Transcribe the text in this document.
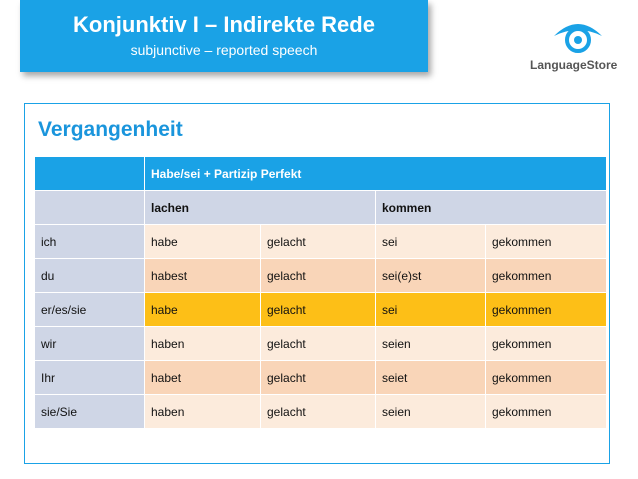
Konjunktiv I – Indirekte Rede
subjunctive – reported speech
LanguageStore
Vergangenheit
	Habe/sei + Partizip Perfekt			
	lachen		kommen	
ich	habe	gelacht	sei	gekommen
du	habest	gelacht	sei(e)st	gekommen
er/es/sie	habe	gelacht	sei	gekommen
wir	haben	gelacht	seien	gekommen
Ihr	habet	gelacht	seiet	gekommen
sie/Sie	haben	gelacht	seien	gekommen
